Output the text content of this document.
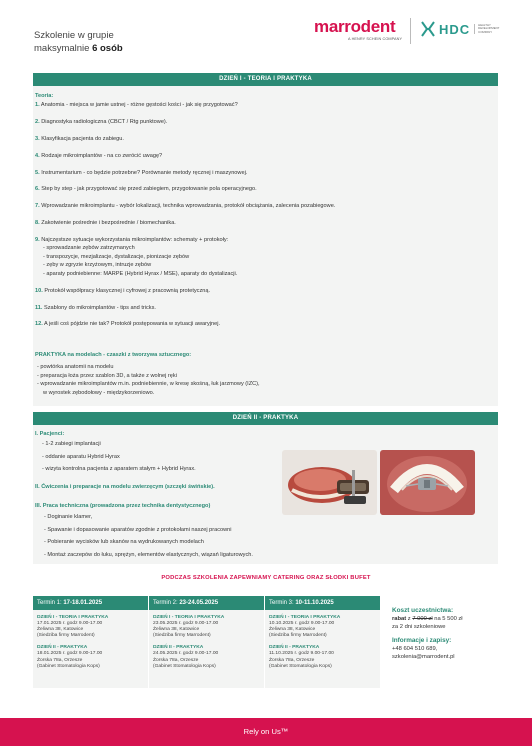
Szkolenie w grupie
maksymalnie 6 osób
marrodent
A HENRY SCHEIN COMPANY
HDC	HEALTHY
DEVELOPMENT
COMPANY
DZIEŃ I - TEORIA I PRAKTYKA
Teoria:
1. Anatomia - miejsca w jamie ustnej - różne gęstości kości - jak się przygotować?
2. Diagnostyka radiologiczna (CBCT / Rtg punktowe).
3. Klasyfikacja pacjenta do zabiegu.
4. Rodzaje mikroimplantów - na co zwrócić uwagę?
5. Instrumentarium - co będzie potrzebne? Porównanie metody ręcznej i maszynowej.
6. Step by step - jak przygotować się przed zabiegiem, przygotowanie pola operacyjnego.
7. Wprowadzanie mikroimplantu - wybór lokalizacji, technika wprowadzania, protokół obciążania, zalecenia pozabiegowe.
8. Zakotwienie pośrednie i bezpośrednie / biomechanika.
9. Najczęstsze sytuacje wykorzystania mikroimplantów: schematy + protokoły:
- sprowadzanie zębów zatrzymanych
- transpozycje, mezjalizacje, dystalizacje, pionizacje zębów
- zęby w zgryzie krzyżowym, intruzje zębów
- aparaty podniebienne: MARPE (Hybrid Hyrax / MSE), aparaty do dystalizacji.
10. Protokół współpracy klasycznej i cyfrowej z pracownią protetyczną.
11. Szablony do mikroimplantów - tips and tricks.
12. A jeśli coś pójdzie nie tak? Protokół postępowania w sytuacji awaryjnej.
PRAKTYKA na modelach - czaszki z tworzywa sztucznego:
- powtórka anatomii na modelu
- preparacja łoża przez szablon 3D, a także z wolnej ręki
- wprowadzanie mikroimplantów m.in. podniebiennie, w kresę skośną, łuk jarzmowy (IZC),
w wyrostek zębodołowy - międzykorzeniowo.
DZIEŃ II - PRAKTYKA
I. Pacjenci:
- 1-2 zabiegi implantacji
- oddanie aparatu Hybrid Hyrax
- wizyta kontrolna pacjenta z aparatem stałym + Hybrid Hyrax.
II. Ćwiczenia i preparacje na modelu zwierzęcym (szczęki świńskie).
III. Praca techniczna (prowadzona przez technika dentystycznego)
- Doginanie klamer,
- Spawanie i dopasowanie aparatów zgodnie z protokołami naszej pracowni
- Pobieranie wycisków lub skanów na wydrukowanych modelach
- Montaż zaczepów do łuku, sprężyn, elementów elastycznych, wiązań ligaturowych.
PODCZAS SZKOLENIA ZAPEWNIAMY CATERING ORAZ SŁODKI BUFET
Termin 1: 17-18.01.2025
DZIEŃ I - TEORIA I PRAKTYKA
17.01.2025 r. godz 9.00-17.00
Żeliwna 38, Katowice
(Siedziba firmy Marrodent)
DZIEŃ II - PRAKTYKA
18.01.2025 r. godz 9.00-17.00
Żorska 78a, Orzesze
(Gabinet Stomatologia Kops)
Termin 2: 23-24.05.2025
DZIEŃ I - TEORIA I PRAKTYKA
23.05.2025 r. godz 9.00-17.00
Żeliwna 38, Katowice
(Siedziba firmy Marrodent)
DZIEŃ II - PRAKTYKA
24.05.2025 r. godz 9.00-17.00
Żorska 78a, Orzesze
(Gabinet Stomatologia Kops)
Termin 3: 10-11.10.2025
DZIEŃ I - TEORIA I PRAKTYKA
10.10.2025 r. godz 9.00-17.00
Żeliwna 38, Katowice
(Siedziba firmy Marrodent)
DZIEŃ II - PRAKTYKA
11.10.2025 r. godz 9.00-17.00
Żorska 78a, Orzesze
(Gabinet Stomatologia Kops)
Koszt uczestnictwa:
rabat z 7 000 zł na 5 500 zł
za 2 dni szkoleniowe
Informacje i zapisy:
+48 604 510 689,
szkolenia@marrodent.pl
Rely on Us™
